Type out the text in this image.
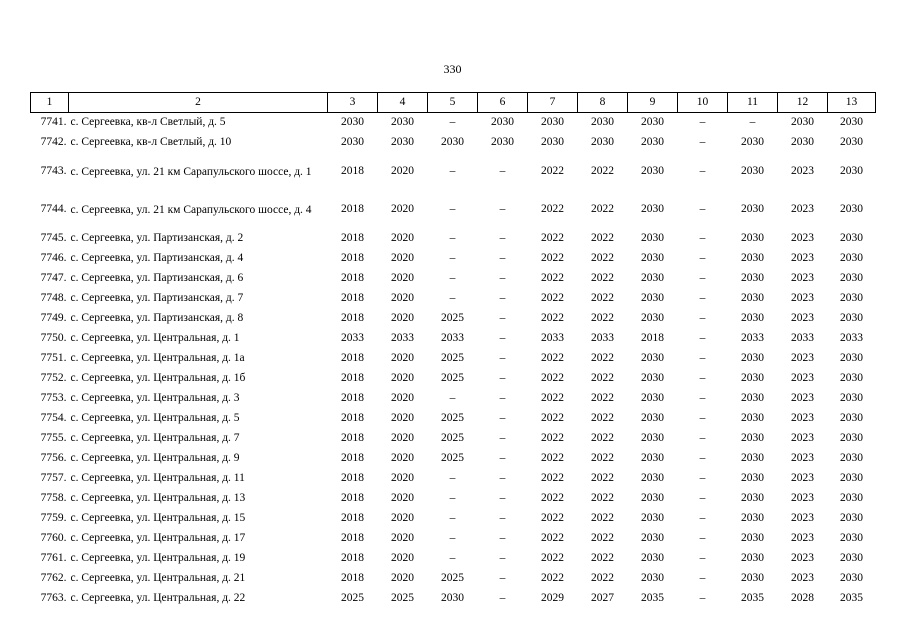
330
1	2	3	4	5	6	7	8	9	10	11	12	13
7741.	с. Сергеевка, кв-л Светлый, д. 5	2030	2030	–	2030	2030	2030	2030	–	–	2030	2030
7742.	с. Сергеевка, кв-л Светлый, д. 10	2030	2030	2030	2030	2030	2030	2030	–	2030	2030	2030
7743.	с. Сергеевка, ул. 21 км Сарапульского шоссе, д. 1	2018	2020	–	–	2022	2022	2030	–	2030	2023	2030
7744.	с. Сергеевка, ул. 21 км Сарапульского шоссе, д. 4	2018	2020	–	–	2022	2022	2030	–	2030	2023	2030
7745.	с. Сергеевка, ул. Партизанская, д. 2	2018	2020	–	–	2022	2022	2030	–	2030	2023	2030
7746.	с. Сергеевка, ул. Партизанская, д. 4	2018	2020	–	–	2022	2022	2030	–	2030	2023	2030
7747.	с. Сергеевка, ул. Партизанская, д. 6	2018	2020	–	–	2022	2022	2030	–	2030	2023	2030
7748.	с. Сергеевка, ул. Партизанская, д. 7	2018	2020	–	–	2022	2022	2030	–	2030	2023	2030
7749.	с. Сергеевка, ул. Партизанская, д. 8	2018	2020	2025	–	2022	2022	2030	–	2030	2023	2030
7750.	с. Сергеевка, ул. Центральная, д. 1	2033	2033	2033	–	2033	2033	2018	–	2033	2033	2033
7751.	с. Сергеевка, ул. Центральная, д. 1а	2018	2020	2025	–	2022	2022	2030	–	2030	2023	2030
7752.	с. Сергеевка, ул. Центральная, д. 1б	2018	2020	2025	–	2022	2022	2030	–	2030	2023	2030
7753.	с. Сергеевка, ул. Центральная, д. 3	2018	2020	–	–	2022	2022	2030	–	2030	2023	2030
7754.	с. Сергеевка, ул. Центральная, д. 5	2018	2020	2025	–	2022	2022	2030	–	2030	2023	2030
7755.	с. Сергеевка, ул. Центральная, д. 7	2018	2020	2025	–	2022	2022	2030	–	2030	2023	2030
7756.	с. Сергеевка, ул. Центральная, д. 9	2018	2020	2025	–	2022	2022	2030	–	2030	2023	2030
7757.	с. Сергеевка, ул. Центральная, д. 11	2018	2020	–	–	2022	2022	2030	–	2030	2023	2030
7758.	с. Сергеевка, ул. Центральная, д. 13	2018	2020	–	–	2022	2022	2030	–	2030	2023	2030
7759.	с. Сергеевка, ул. Центральная, д. 15	2018	2020	–	–	2022	2022	2030	–	2030	2023	2030
7760.	с. Сергеевка, ул. Центральная, д. 17	2018	2020	–	–	2022	2022	2030	–	2030	2023	2030
7761.	с. Сергеевка, ул. Центральная, д. 19	2018	2020	–	–	2022	2022	2030	–	2030	2023	2030
7762.	с. Сергеевка, ул. Центральная, д. 21	2018	2020	2025	–	2022	2022	2030	–	2030	2023	2030
7763.	с. Сергеевка, ул. Центральная, д. 22	2025	2025	2030	–	2029	2027	2035	–	2035	2028	2035
